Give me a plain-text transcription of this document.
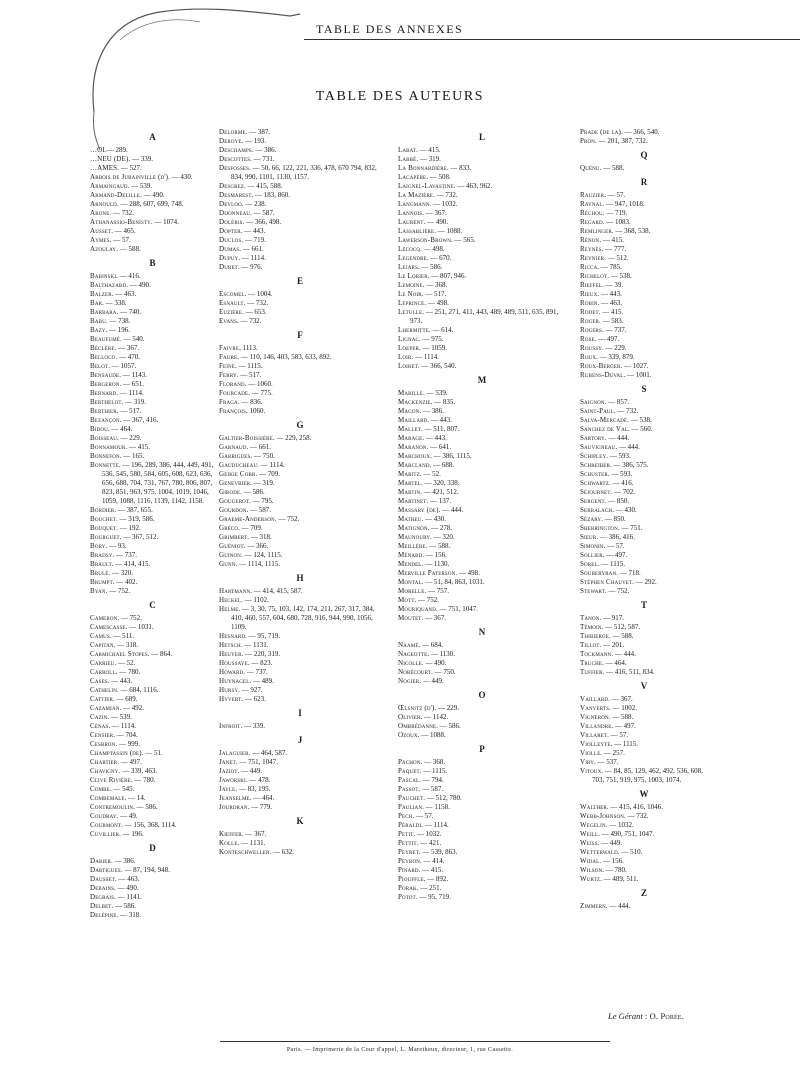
TABLE DES ANNEXES
TABLE DES AUTEURS
A
…OL— 289.
…NEU (DE). — 339.
…AMES. — 527.
Arbois de Jubainville (d'). — 430.
Armaingaud. — 539.
Armand-Delille. — 490.
Arnould. — 288, 607, 699, 748.
Arone. — 732.
Athanassio-Benisty. — 1074.
Ausset. — 465.
Aymes. — 57.
Azoulay. — 588.
B
Babinski. — 416.
Balthazard. — 490.
Balzer. — 463.
Bar. — 338.
Barbara. — 740.
Babu. — 738.
Bazy. — 196.
Beaufumé. — 540.
Béclère. — 367.
Belloco. — 470.
Belot. — 1057.
Bensaude. — 1143.
Bergeron. — 651.
Bernard. — 1114.
Berthelot. — 319.
Berthier. — 517.
Bezançon. — 367, 416.
Bidou. — 464.
Boisseau. — 229.
Bonnamour. — 415.
Bonnefon. — 165.
Bonnette. — 196, 289, 386, 444, 449, 491, 536, 545, 580, 584, 605, 608, 623, 636, 656, 688, 704, 731, 767, 780, 806, 807, 823, 851, 963, 975, 1004, 1019, 1046, 1059, 1088, 1116, 1139, 1142, 1158.
Bordier. — 387, 655.
Bouchet. — 319, 586.
Bouquet. — 192.
Bourguet. — 367, 512.
Bory. — 93.
Bradsy. — 737.
Brault. — 414, 415.
Brulé. — 320.
Brumpt. — 402.
Byan. — 752.
C
Cameron. — 752.
Camescasse. — 1031.
Camus. — 511.
Capitan. — 318.
Carmichael Stopes. — 864.
Carrieu. — 52.
Carroll. — 780.
Cases. — 443.
Cathelin. — 684, 1116.
Cattier. — 689.
Cazamian. — 492.
Cazin. — 539.
Cénas. — 1114.
Censier. — 704.
Cesbron. — 999.
Champtassin (de). — 51.
Chartier. — 497.
Chavigny. — 339, 463.
Clive Rivière. — 780.
Combe. — 545.
Combemale. — 14.
Contremoulin. — 586.
Coudray. — 49.
Courmont. — 156, 368, 1114.
Cuvillier. — 196.
D
Darier. — 386.
Dartigues. — 87, 194, 948.
Dausset. — 463.
Debains. — 490.
Degrais. — 1141.
Delbet. — 586.
Delépine. — 318.
Delorme. — 387.
Deroye. — 193.
Deschamps. — 386.
Descottes. — 731.
Desfosses. — 50, 66, 122, 221, 336, 478, 670 794, 832, 834, 990, 1101, 1130, 1157.
Desgrez. — 415, 588.
Desmarest. — 183, 860.
Devloo. — 238.
Dijonneau. — 587.
Dolèris. — 366, 498.
Dopter. — 443.
Duclos. — 719.
Dumas. — 661.
Dupuy. — 1114.
Duret. — 976.
E
Escomel. — 1004.
Esnault. — 732.
Euzière. — 653.
Evans. — 732.
F
Faivre, 1113.
Faure. — 110, 146, 403, 583, 633, 892.
Feine. — 1115.
Ferry. — 517.
Florand. — 1060.
Fourcade. — 775.
Fraga. — 836.
François, 1060.
G
Galtier-Boissière. — 229, 258.
Garnaud. — 661.
Garrigues. — 750.
Gauducheau. — 1114.
Geikie Cobb. — 709.
Genevrier. — 319.
Girode. — 586.
Gougerot. — 795.
Gourdon. — 587.
Graeme-Anderson. — 752.
Gréco. — 709.
Grimbert. — 318.
Guéniot. — 366.
Guinon. — 124, 1115.
Gunn. — 1114, 1115.
H
Hartmann. — 414, 415, 587.
Heckel. — 1102.
Helme. — 3, 30, 75, 103, 142, 174, 211, 267, 317, 384, 410, 460, 557, 604, 680, 728, 916, 944, 990, 1056, 1109.
Hesnard. — 95, 719.
Hetsch. — 1131.
Heuyer. — 220, 319.
Houssaye. — 823.
Howard. — 737.
Huynagel. — 489.
Hursy. — 927.
Hyvert. — 623.
I
Infroit. — 339.
J
Jalaguier. — 464, 587.
Janet. — 751, 1047.
Jaziot. — 449.
Jaworski. — 478.
Jayle. — 83, 195.
Jeanselme. — 464.
Jourdran. — 779.
K
Kieffer. — 367.
Kolle. — 1131.
Konteschweller. — 632.
L
Labat. — 415.
Labbé. — 319.
La Bonnardière. — 833.
Lacapère. — 508.
Laignel-Lavastine. — 463, 962.
La Mazière. — 732.
Langmann. — 1032.
Lannois. — 367.
Laurent. — 490.
Lassablière. — 1088.
Lawerson-Brown. — 565.
Lecocq. — 498.
Legendre. — 670.
Lejars. — 586.
Le Lorier. — 807, 946.
Lemoine. — 368.
Le Noir. — 517.
Leprince. — 498.
Letulle. — 251, 271, 411, 443, 489, 489, 511, 635, 891, 973.
Lhermitte. — 614.
Lignac. — 975.
Loeper. — 1059.
Loir. — 1114.
Loiret. — 366, 540.
M
Mabille. — 539.
Mackenzie. — 835.
Magon. — 386.
Maillard. — 443.
Mallet. — 511, 807.
Marage. — 443.
Maranon. — 641.
Marchoux. — 386, 1115.
Marcland. — 688.
Maritz. — 52.
Martel. — 320, 338.
Martin. — 421, 512.
Martinet. — 137.
Massary (de). — 444.
Matheu. — 430.
Matignon. — 278.
Maunoury. — 320.
Meillère. — 588.
Ménard. — 156.
Mendel. — 1130.
Merville Paterson. — 498.
Montal. — 51, 84, 863, 1031.
Morelle. — 757.
Mott. — 752.
Mouriquand. — 751, 1047.
Moutet. — 367.
N
Naamé. — 684.
Nageotte. — 1130.
Nicolle. — 490.
Norécourt. — 750.
Nogier. — 449.
O
Œlsnitz (d'). — 229.
Olivier. — 1142.
Ombrédanne. — 586.
Ozoux. — 1088.
P
Pachon. — 368.
Paquet. — 1115.
Pascal. — 794.
Passot. — 587.
Pauchet. — 512, 780.
Paulian. — 1158.
Pech. — 57.
Péraldi. — 1114.
Petit. — 1032.
Pettit. — 421.
Peyret. — 539, 863.
Peyron. — 414.
Pinard. — 415.
Piouffle. — 892.
Porak. — 251.
Potot. — 95, 719.
Prade (de la). — 366, 540.
Pron. — 201, 387, 732.
Q
Quénu. — 588.
R
Rauzier. — 57.
Raynal. — 947, 1018.
Réchou. — 719.
Regard. — 1083.
Remlinger. — 368, 538.
Rénon. — 415.
Reynès. — 777.
Reynier. — 512.
Ricca. — 785.
Richelot. — 538.
Rieffel. — 39.
Rieux. — 443.
Robin. — 463.
Rodet. — 415.
Roger. — 583.
Rogers. — 737.
Rose. — 497.
Roussy. — 229.
Roux. — 339, 879.
Roux-Berger. — 1027.
Rubens-Duval. — 1001.
S
Saignon. — 857.
Saint-Paul. — 732.
Salva-Mercadé. — 538.
Sanchez de Val. — 560.
Sartory. — 444.
Sauvigneau. — 444.
Schipley. — 593.
Schreiber. — 386, 575.
Schuster. — 593.
Schwartz. — 416.
Séjournet. — 702.
Sergent. — 850.
Serralach. — 430.
Sézary. — 850.
Sherrington. — 751.
Sieur. — 386, 416.
Simonin. — 57.
Sollier. — 497.
Sorel. — 1115.
Souberyran. — 718.
Stéphen Chauvet. — 292.
Stewart. — 752.
T
Tanon. — 917.
Témoin. — 512, 587.
Thibierge. — 588.
Tillot. — 201.
Tockmann. — 444.
Truche. — 464.
Tuffier. — 416, 511, 834.
V
Vaillard. — 367.
Vanverts. — 1002.
Vigneron. — 588.
Villandre. — 497.
Villaret. — 57.
Violleyte. — 1115.
Violle. — 257.
Viry. — 537.
Vitoux. — 84, 85, 129, 462, 492, 536, 608, 703, 751, 919, 975, 1003, 1074.
W
Walther. — 415, 416, 1046.
Webb-Johnson. — 732.
Wegelin. — 1032.
Weill. — 490, 751, 1047.
Weiss. — 449.
Wetterwald. — 510.
Widal. — 156.
Wilson. — 780.
Wurtz. — 489, 511.
Z
Zimmern. — 444.
Le Gérant : O. Porée.
Paris. — Imprimerie de la Cour d'appel, L. Maretheux, directeur, 1, rue Cassette.
